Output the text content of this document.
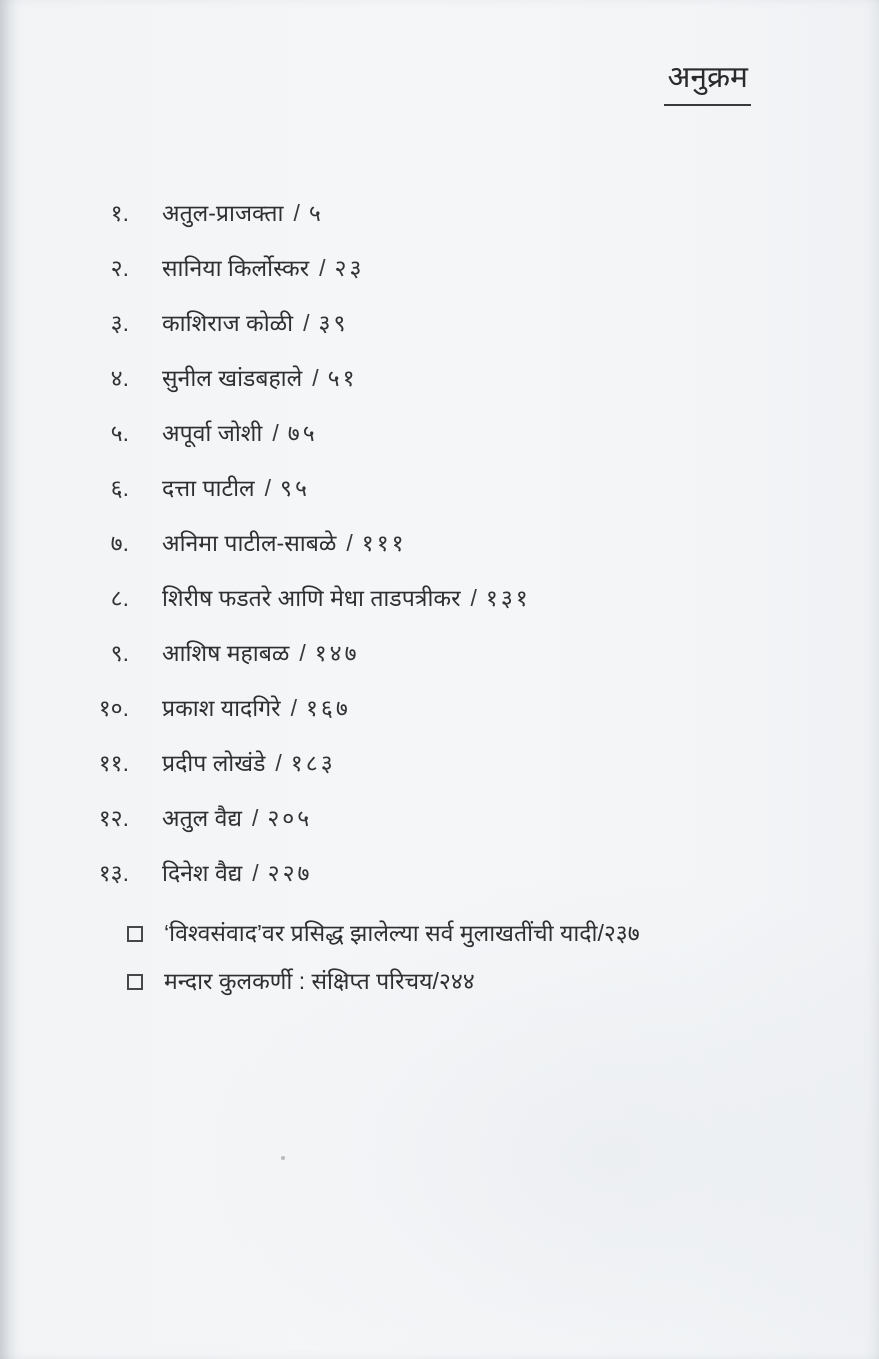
अनुक्रम
१. अतुल-प्राजक्ता / ५
२. सानिया किर्लोस्कर / २३
३. काशिराज कोळी / ३९
४. सुनील खांडबहाले / ५१
५. अपूर्वा जोशी / ७५
६. दत्ता पाटील / ९५
७. अनिमा पाटील-साबळे / १११
८. शिरीष फडतरे आणि मेधा ताडपत्रीकर / १३१
९. आशिष महाबळ / १४७
१०. प्रकाश यादगिरे / १६७
११. प्रदीप लोखंडे / १८३
१२. अतुल वैद्य / २०५
१३. दिनेश वैद्य / २२७
‘विश्वसंवाद’वर प्रसिद्ध झालेल्या सर्व मुलाखतींची यादी / २३७
मन्दार कुलकर्णी : संक्षिप्त परिचय / २४४
